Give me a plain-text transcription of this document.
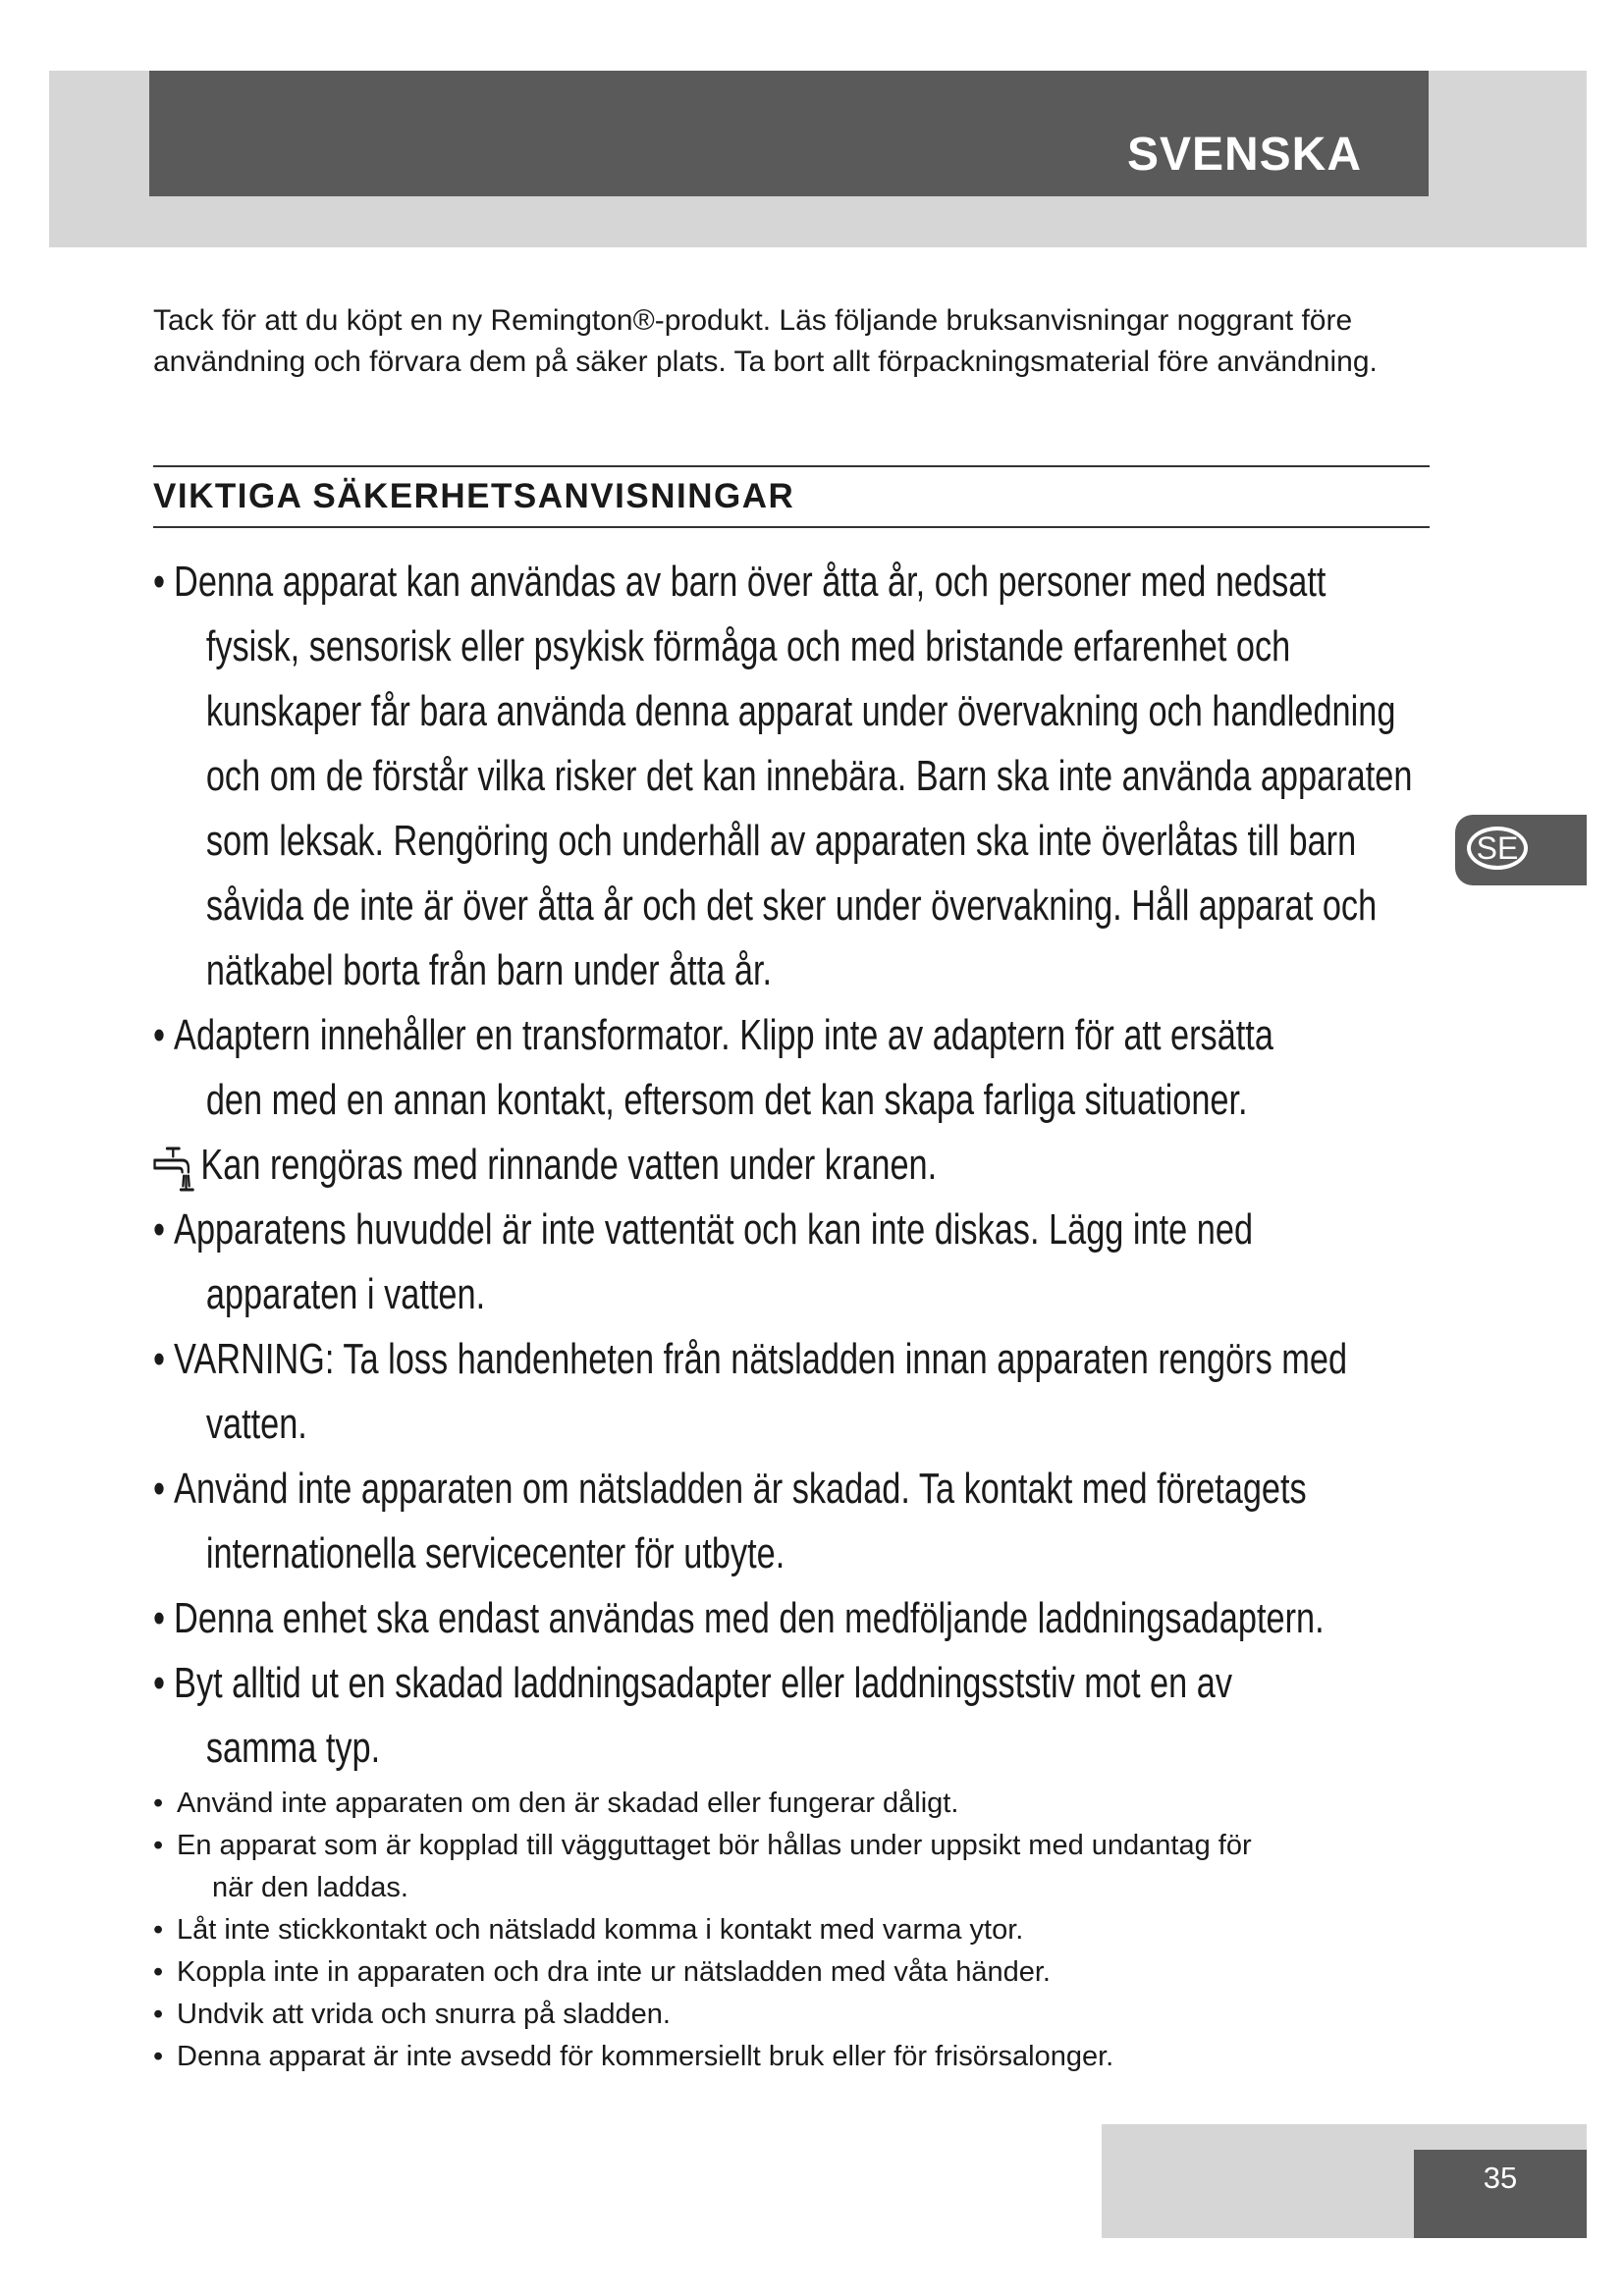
SVENSKA

Tack för att du köpt en ny Remington®-produkt. Läs följande bruksanvisningar noggrant före användning och förvara dem på säker plats. Ta bort allt förpackningsmaterial före användning.

VIKTIGA SÄKERHETSANVISNINGAR
• Denna apparat kan användas av barn över åtta år, och personer med nedsatt
fysisk, sensorisk eller psykisk förmåga och med bristande erfarenhet och kunskaper får bara använda denna apparat under övervakning och handledning och om de förstår vilka risker det kan innebära. Barn ska inte använda apparaten som leksak. Rengöring och underhåll av apparaten ska inte överlåtas till barn såvida de inte är över åtta år och det sker under övervakning. Håll apparat och nätkabel borta från barn under åtta år.
• Adaptern innehåller en transformator. Klipp inte av adaptern för att ersätta
den med en annan kontakt, eftersom det kan skapa farliga situationer.
Kan rengöras med rinnande vatten under kranen.
• Apparatens huvuddel är inte vattentät och kan inte diskas. Lägg inte ned
apparaten i vatten.
• VARNING: Ta loss handenheten från nätsladden innan apparaten rengörs med
vatten.
• Använd inte apparaten om nätsladden är skadad. Ta kontakt med företagets
internationella servicecenter för utbyte.
• Denna enhet ska endast användas med den medföljande laddningsadaptern.
• Byt alltid ut en skadad laddningsadapter eller laddningsststiv mot en av
samma typ.
• Använd inte apparaten om den är skadad eller fungerar dåligt.
• En apparat som är kopplad till vägguttaget bör hållas under uppsikt med undantag för
när den laddas.
• Låt inte stickkontakt och nätsladd komma i kontakt med varma ytor.
• Koppla inte in apparaten och dra inte ur nätsladden med våta händer.
• Undvik att vrida och snurra på sladden.
• Denna apparat är inte avsedd för kommersiellt bruk eller för frisörsalonger.
SE
35
